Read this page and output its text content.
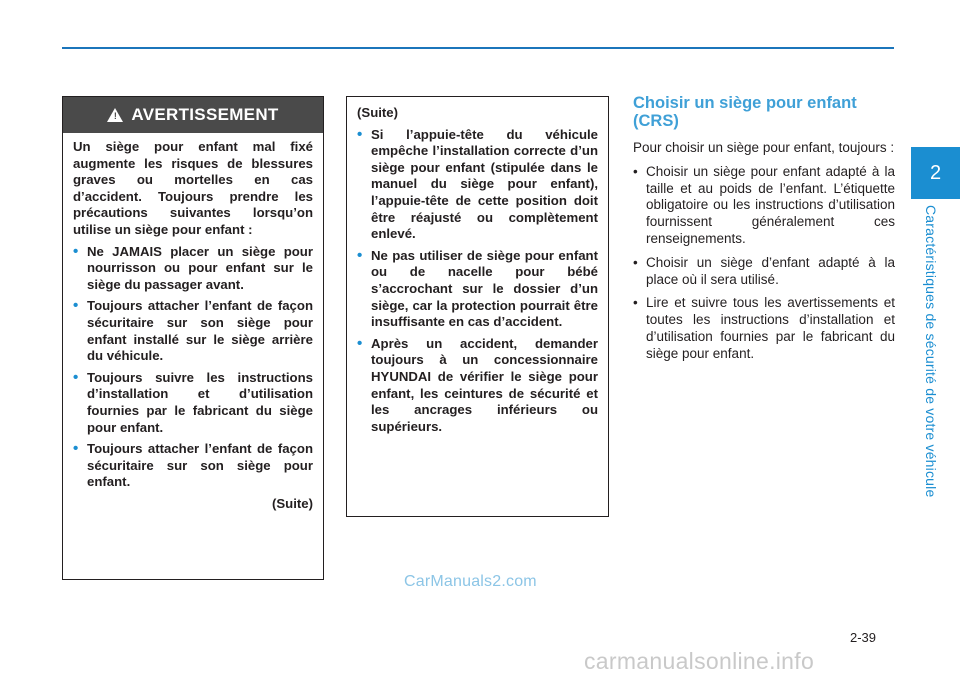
2
Caractéristiques de sécurité de votre véhicule
! AVERTISSEMENT

Un siège pour enfant mal fixé augmente les risques de blessures graves ou mortelles en cas d’accident. Toujours prendre les précautions suivantes lorsqu’on utilise un siège pour enfant :

• Ne JAMAIS placer un siège pour nourrisson ou pour enfant sur le siège du passager avant.
• Toujours attacher l’enfant de façon sécuritaire sur son siège pour enfant installé sur le siège arrière du véhicule.
• Toujours suivre les instructions d’installation et d’utilisation fournies par le fabricant du siège pour enfant.
• Toujours attacher l’enfant de façon sécuritaire sur son siège pour enfant.
(Suite)

(Suite)

• Si l’appuie-tête du véhicule empêche l’installation correcte d’un siège pour enfant (stipulée dans le manuel du siège pour enfant), l’appuie-tête de cette position doit être réajusté ou complètement enlevé.
• Ne pas utiliser de siège pour enfant ou de nacelle pour bébé s’accrochant sur le dossier d’un siège, car la protection pourrait être insuffisante en cas d’accident.
• Après un accident, demander toujours à un concessionnaire HYUNDAI de vérifier le siège pour enfant, les ceintures de sécurité et les ancrages inférieurs ou supérieurs.
Choisir un siège pour enfant (CRS)

Pour choisir un siège pour enfant, toujours :

• Choisir un siège pour enfant adapté à la taille et au poids de l’enfant. L’étiquette obligatoire ou les instructions d’utilisation fournissent généralement ces renseignements.
• Choisir un siège d’enfant adapté à la place où il sera utilisé.
• Lire et suivre tous les avertissements et toutes les instructions d’installation et d’utilisation fournies par le fabricant du siège pour enfant.
2-39
CarManuals2.com
carmanualsonline.info
